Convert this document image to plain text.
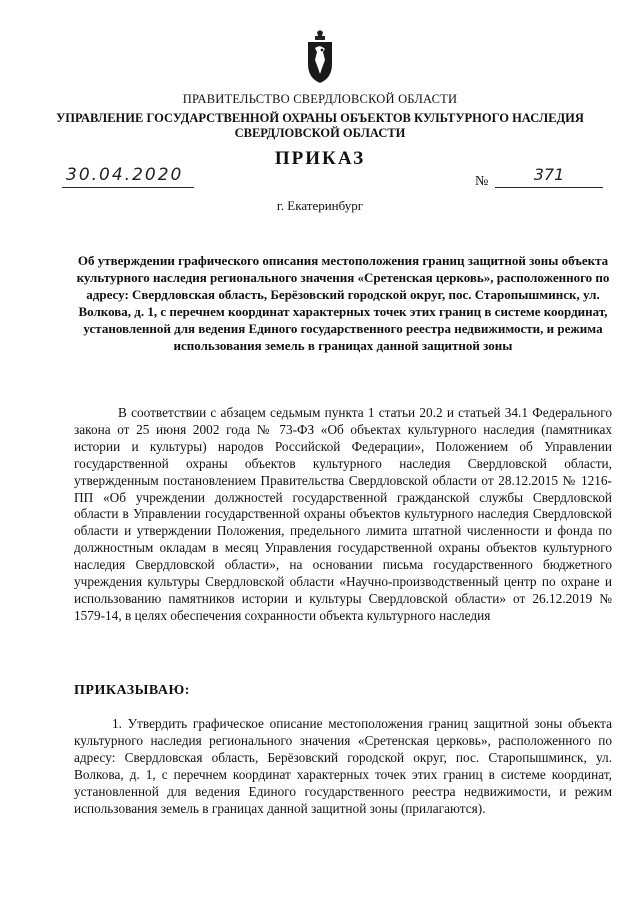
ПРАВИТЕЛЬСТВО СВЕРДЛОВСКОЙ ОБЛАСТИ
УПРАВЛЕНИЕ ГОСУДАРСТВЕННОЙ ОХРАНЫ ОБЪЕКТОВ КУЛЬТУРНОГО НАСЛЕДИЯ СВЕРДЛОВСКОЙ ОБЛАСТИ
ПРИКАЗ
30.04.2020	№	371
г. Екатеринбург
Об утверждении графического описания местоположения границ защитной зоны объекта культурного наследия регионального значения «Сретенская церковь», расположенного по адресу: Свердловская область, Берёзовский городской округ, пос. Старопышминск, ул. Волкова, д. 1, с перечнем координат характерных точек этих границ в системе координат, установленной для ведения Единого государственного реестра недвижимости, и режима использования земель в границах данной защитной зоны
В соответствии с абзацем седьмым пункта 1 статьи 20.2 и статьей 34.1 Федерального закона от 25 июня 2002 года № 73-ФЗ «Об объектах культурного наследия (памятниках истории и культуры) народов Российской Федерации», Положением об Управлении государственной охраны объектов культурного наследия Свердловской области, утвержденным постановлением Правительства Свердловской области от 28.12.2015 № 1216-ПП «Об учреждении должностей государственной гражданской службы Свердловской области в Управлении государственной охраны объектов культурного наследия Свердловской области и утверждении Положения, предельного лимита штатной численности и фонда по должностным окладам в месяц Управления государственной охраны объектов культурного наследия Свердловской области», на основании письма государственного бюджетного учреждения культуры Свердловской области «Научно-производственный центр по охране и использованию памятников истории и культуры Свердловской области» от 26.12.2019 № 1579-14, в целях обеспечения сохранности объекта культурного наследия
ПРИКАЗЫВАЮ:
1. Утвердить графическое описание местоположения границ защитной зоны объекта культурного наследия регионального значения «Сретенская церковь», расположенного по адресу: Свердловская область, Берёзовский городской округ, пос. Старопышминск, ул. Волкова, д. 1, с перечнем координат характерных точек этих границ в системе координат, установленной для ведения Единого государственного реестра недвижимости, и режим использования земель в границах данной защитной зоны (прилагаются).
